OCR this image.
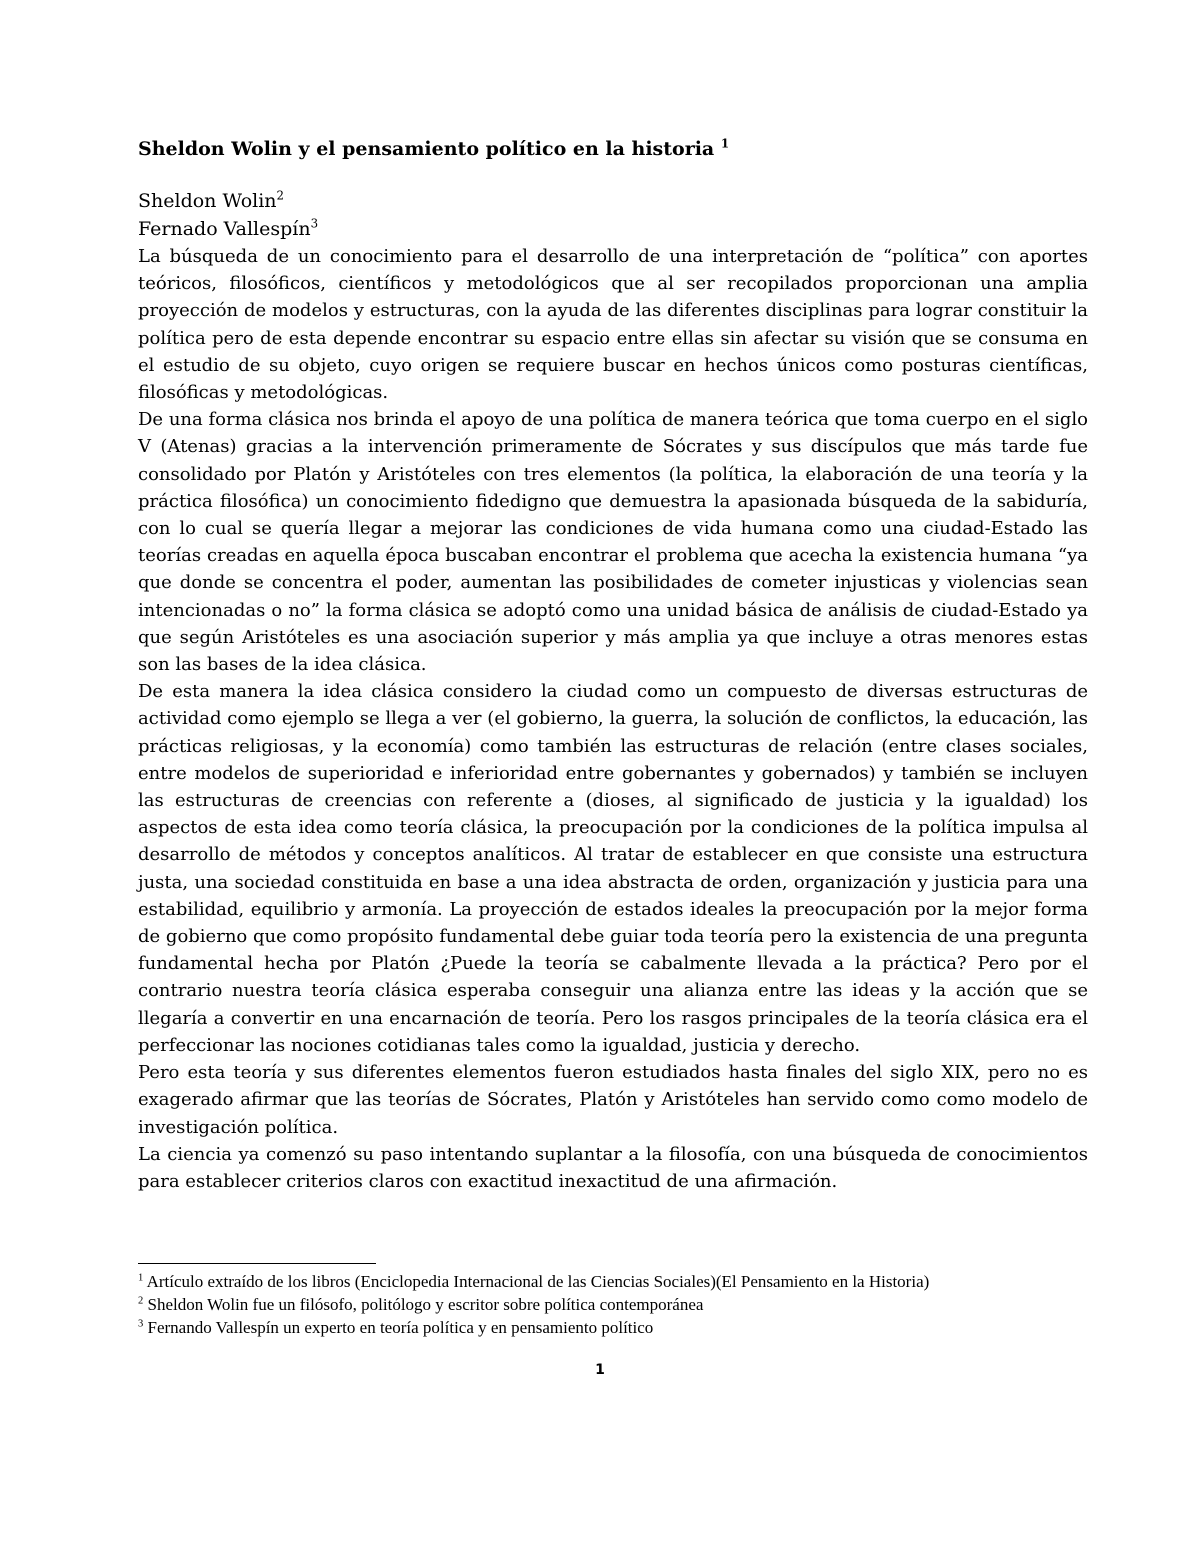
Sheldon Wolin y el pensamiento político en la historia $^1$
Sheldon Wolin$^2$
Fernado Vallespín$^3$

La búsqueda de un conocimiento para el desarrollo de una interpretación de “política” con aportes teóricos, filosóficos, científicos y metodológicos que al ser recopilados proporcionan una amplia proyección de modelos y estructuras, con la ayuda de las diferentes disciplinas para lograr constituir la política pero de esta depende encontrar su espacio entre ellas sin afectar su visión que se consuma en el estudio de su objeto, cuyo origen se requiere buscar en hechos únicos como posturas científicas, filosóficas y metodológicas.

De una forma clásica nos brinda el apoyo de una política de manera teórica que toma cuerpo en el siglo V (Atenas) gracias a la intervención primeramente de Sócrates y sus discípulos que más tarde fue consolidado por Platón y Aristóteles con tres elementos (la política, la elaboración de una teoría y la práctica filosófica) un conocimiento fidedigno que demuestra la apasionada búsqueda de la sabiduría, con lo cual se quería llegar a mejorar las condiciones de vida humana como una ciudad-Estado las teorías creadas en aquella época buscaban encontrar el problema que acecha la existencia humana “ya que donde se concentra el poder, aumentan las posibilidades de cometer injusticas y violencias sean intencionadas o no” la forma clásica se adoptó como una unidad básica de análisis de ciudad-Estado ya que según Aristóteles es una asociación superior y más amplia ya que incluye a otras menores estas son las bases de la idea clásica.

De esta manera la idea clásica considero la ciudad como un compuesto de diversas estructuras de actividad como ejemplo se llega a ver (el gobierno, la guerra, la solución de conflictos, la educación, las prácticas religiosas, y la economía) como también las estructuras de relación (entre clases sociales, entre modelos de superioridad e inferioridad entre gobernantes y gobernados) y también se incluyen las estructuras de creencias con referente a (dioses, al significado de justicia y la igualdad) los aspectos de esta idea como teoría clásica, la preocupación por la condiciones de la política impulsa al desarrollo de métodos y conceptos analíticos. Al tratar de establecer en que consiste una estructura justa, una sociedad constituida en base a una idea abstracta de orden, organización y justicia para una estabilidad, equilibrio y armonía. La proyección de estados ideales la preocupación por la mejor forma de gobierno que como propósito fundamental debe guiar toda teoría pero la existencia de una pregunta fundamental hecha por Platón ¿Puede la teoría se cabalmente llevada a la práctica? Pero por el contrario nuestra teoría clásica esperaba conseguir una alianza entre las ideas y la acción que se llegaría a convertir en una encarnación de teoría. Pero los rasgos principales de la teoría clásica era el perfeccionar las nociones cotidianas tales como la igualdad, justicia y derecho.

Pero esta teoría y sus diferentes elementos fueron estudiados hasta finales del siglo XIX, pero no es exagerado afirmar que las teorías de Sócrates, Platón y Aristóteles han servido como como modelo de investigación política.

La ciencia ya comenzó su paso intentando suplantar a la filosofía, con una búsqueda de conocimientos para establecer criterios claros con exactitud inexactitud de una afirmación.

$^1$ Artículo extraído de los libros (Enciclopedia Internacional de las Ciencias Sociales)(El Pensamiento en la Historia)

$^2$ Sheldon Wolin fue un filósofo, politólogo y escritor sobre política contemporánea

$^3$ Fernando Vallespín un experto en teoría política y en pensamiento político

1
